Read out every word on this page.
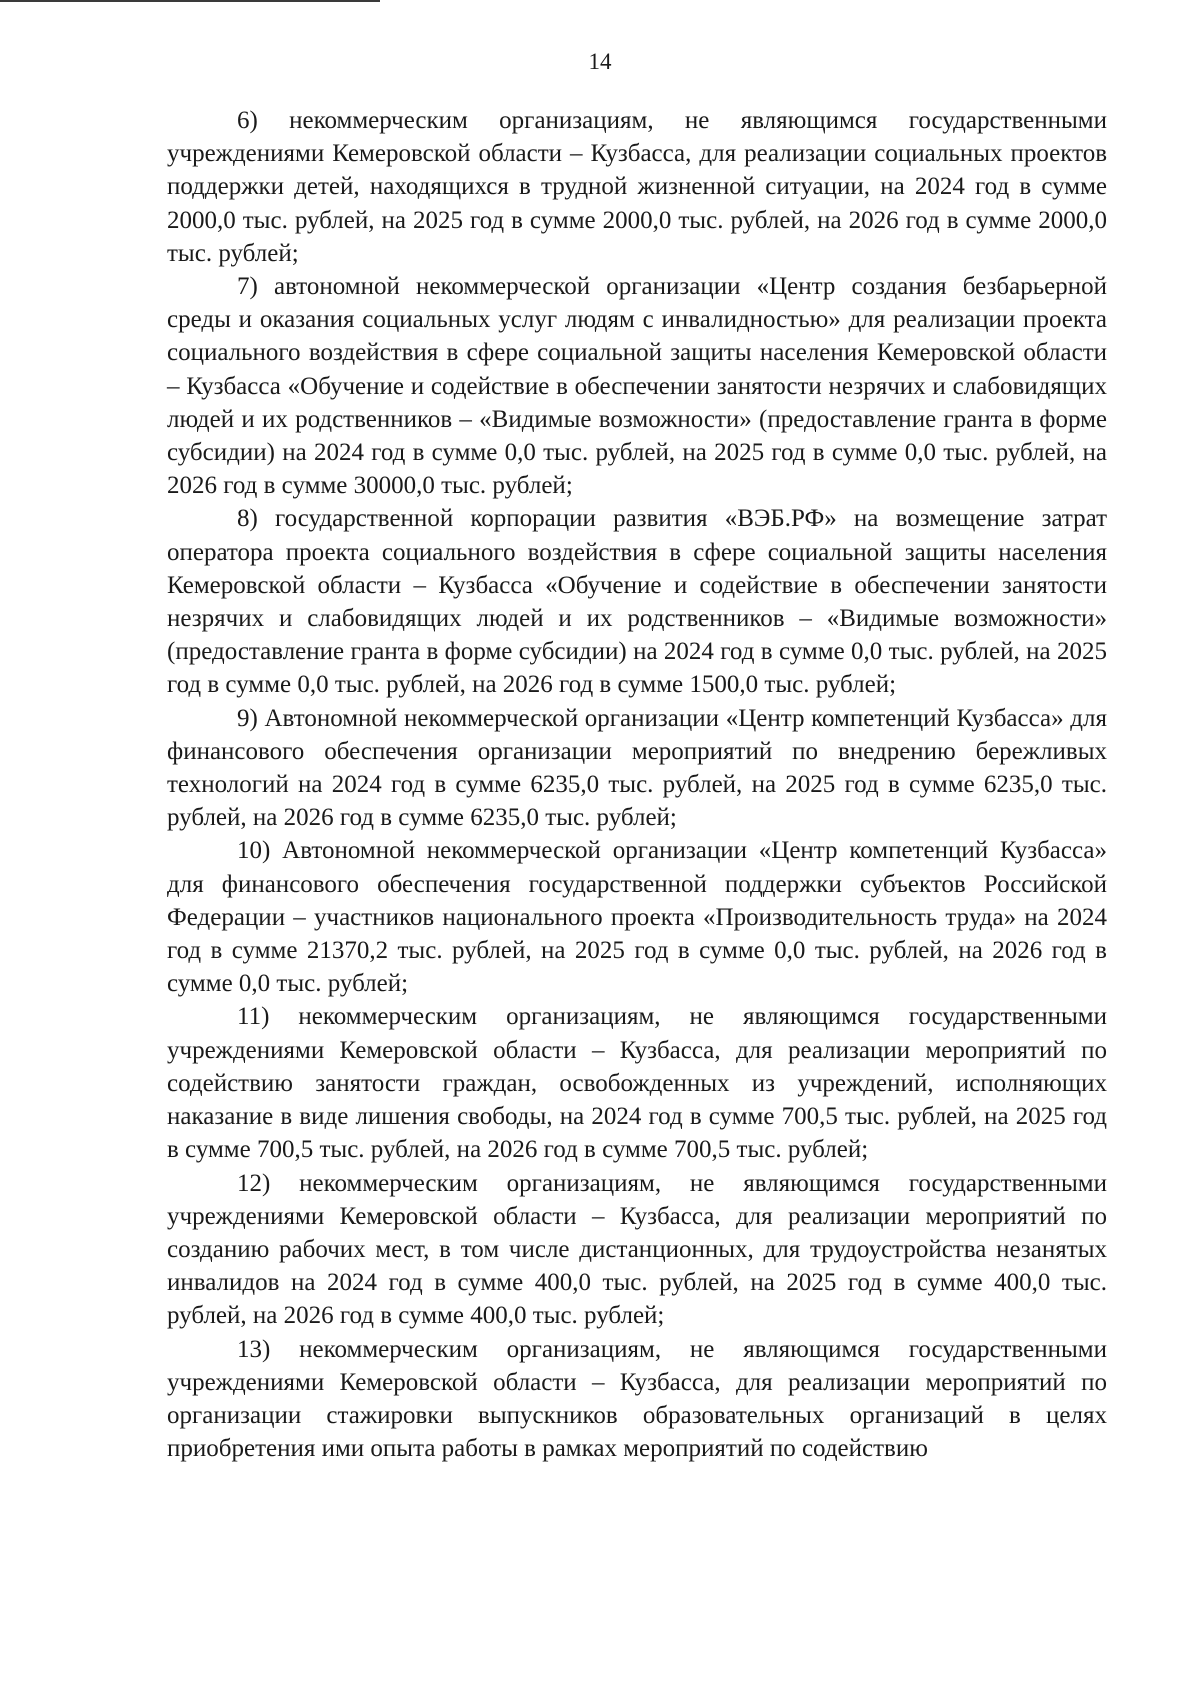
14

6) некоммерческим организациям, не являющимся государственными учреждениями Кемеровской области – Кузбасса, для реализации социальных проектов поддержки детей, находящихся в трудной жизненной ситуации, на 2024 год в сумме 2000,0 тыс. рублей, на 2025 год в сумме 2000,0 тыс. рублей, на 2026 год в сумме 2000,0 тыс. рублей;

7) автономной некоммерческой организации «Центр создания безбарьерной среды и оказания социальных услуг людям с инвалидностью» для реализации проекта социального воздействия в сфере социальной защиты населения Кемеровской области – Кузбасса «Обучение и содействие в обеспечении занятости незрячих и слабовидящих людей и их родственников – «Видимые возможности» (предоставление гранта в форме субсидии) на 2024 год в сумме 0,0 тыс. рублей, на 2025 год в сумме 0,0 тыс. рублей, на 2026 год в сумме 30000,0 тыс. рублей;

8) государственной корпорации развития «ВЭБ.РФ» на возмещение затрат оператора проекта социального воздействия в сфере социальной защиты населения Кемеровской области – Кузбасса «Обучение и содействие в обеспечении занятости незрячих и слабовидящих людей и их родственников – «Видимые возможности» (предоставление гранта в форме субсидии) на 2024 год в сумме 0,0 тыс. рублей, на 2025 год в сумме 0,0 тыс. рублей, на 2026 год в сумме 1500,0 тыс. рублей;

9) Автономной некоммерческой организации «Центр компетенций Кузбасса» для финансового обеспечения организации мероприятий по внедрению бережливых технологий на 2024 год в сумме 6235,0 тыс. рублей, на 2025 год в сумме 6235,0 тыс. рублей, на 2026 год в сумме 6235,0 тыс. рублей;

10) Автономной некоммерческой организации «Центр компетенций Кузбасса» для финансового обеспечения государственной поддержки субъектов Российской Федерации – участников национального проекта «Производительность труда» на 2024 год в сумме 21370,2 тыс. рублей, на 2025 год в сумме 0,0 тыс. рублей, на 2026 год в сумме 0,0 тыс. рублей;

11) некоммерческим организациям, не являющимся государственными учреждениями Кемеровской области – Кузбасса, для реализации мероприятий по содействию занятости граждан, освобожденных из учреждений, исполняющих наказание в виде лишения свободы, на 2024 год в сумме 700,5 тыс. рублей, на 2025 год в сумме 700,5 тыс. рублей, на 2026 год в сумме 700,5 тыс. рублей;

12) некоммерческим организациям, не являющимся государственными учреждениями Кемеровской области – Кузбасса, для реализации мероприятий по созданию рабочих мест, в том числе дистанционных, для трудоустройства незанятых инвалидов на 2024 год в сумме 400,0 тыс. рублей, на 2025 год в сумме 400,0 тыс. рублей, на 2026 год в сумме 400,0 тыс. рублей;

13) некоммерческим организациям, не являющимся государственными учреждениями Кемеровской области – Кузбасса, для реализации мероприятий по организации стажировки выпускников образовательных организаций в целях приобретения ими опыта работы в рамках мероприятий по содействию
